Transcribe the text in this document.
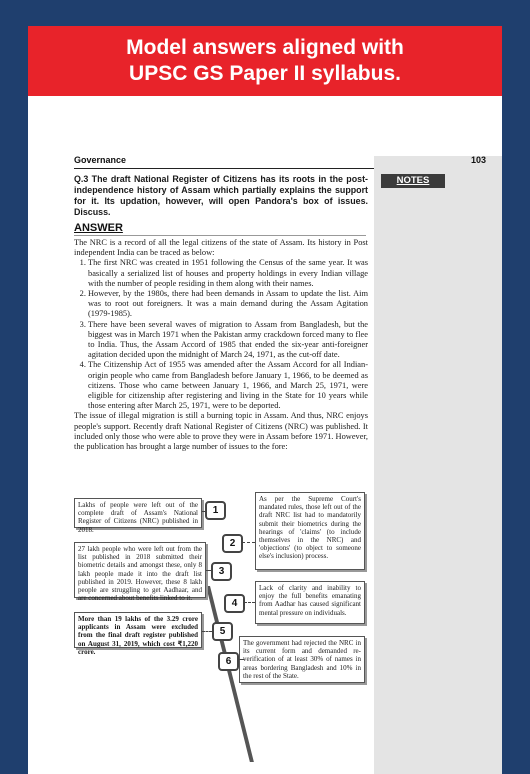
Model answers aligned with
UPSC GS Paper II syllabus.
Governance	103
NOTES
Q.3 The draft National Register of Citizens has its roots in the post-independence history of Assam which partially explains the support for it. Its updation, however, will open Pandora's box of issues. Discuss.
ANSWER

The NRC is a record of all the legal citizens of the state of Assam. Its history in Post independent India can be traced as below:

1. The first NRC was created in 1951 following the Census of the same year. It was basically a serialized list of houses and property holdings in every Indian village with the number of people residing in them along with their names.
2. However, by the 1980s, there had been demands in Assam to update the list. Aim was to root out foreigners. It was a main demand during the Assam Agitation (1979-1985).
3. There have been several waves of migration to Assam from Bangladesh, but the biggest was in March 1971 when the Pakistan army crackdown forced many to flee to India. Thus, the Assam Accord of 1985 that ended the six-year anti-foreigner agitation decided upon the midnight of March 24, 1971, as the cut-off date.
4. The Citizenship Act of 1955 was amended after the Assam Accord for all Indian-origin people who came from Bangladesh before January 1, 1966, to be deemed as citizens. Those who came between January 1, 1966, and March 25, 1971, were eligible for citizenship after registering and living in the State for 10 years while those entering after March 25, 1971, were to be deported.

The issue of illegal migration is still a burning topic in Assam. And thus, NRC enjoys people's support. Recently draft National Register of Citizens (NRC) was published. It included only those who were able to prove they were in Assam before 1971. However, the publication has brought a large number of issues to the fore:

Lakhs of people were left out of the complete draft of Assam's National Register of Citizens (NRC) published in 2018.
1
As per the Supreme Court's mandated rules, those left out of the draft NRC list had to mandatorily submit their biometrics during the hearings of 'claims' (to include themselves in the NRC) and 'objections' (to object to someone else's inclusion) process.
2
27 lakh people who were left out from the list published in 2018 submitted their biometric details and amongst these, only 8 lakh people made it into the draft list published in 2019. However, these 8 lakh people are struggling to get Aadhaar, and are concerned about benefits linked to it.
3
Lack of clarity and inability to enjoy the full benefits emanating from Aadhar has caused significant mental pressure on individuals.
4
More than 19 lakhs of the 3.29 crore applicants in Assam were excluded from the final draft register published on August 31, 2019, which cost ₹1,220 crore.
5
The government had rejected the NRC in its current form and demanded re-verification of at least 30% of names in areas bordering Bangladesh and 10% in the rest of the State.
6
